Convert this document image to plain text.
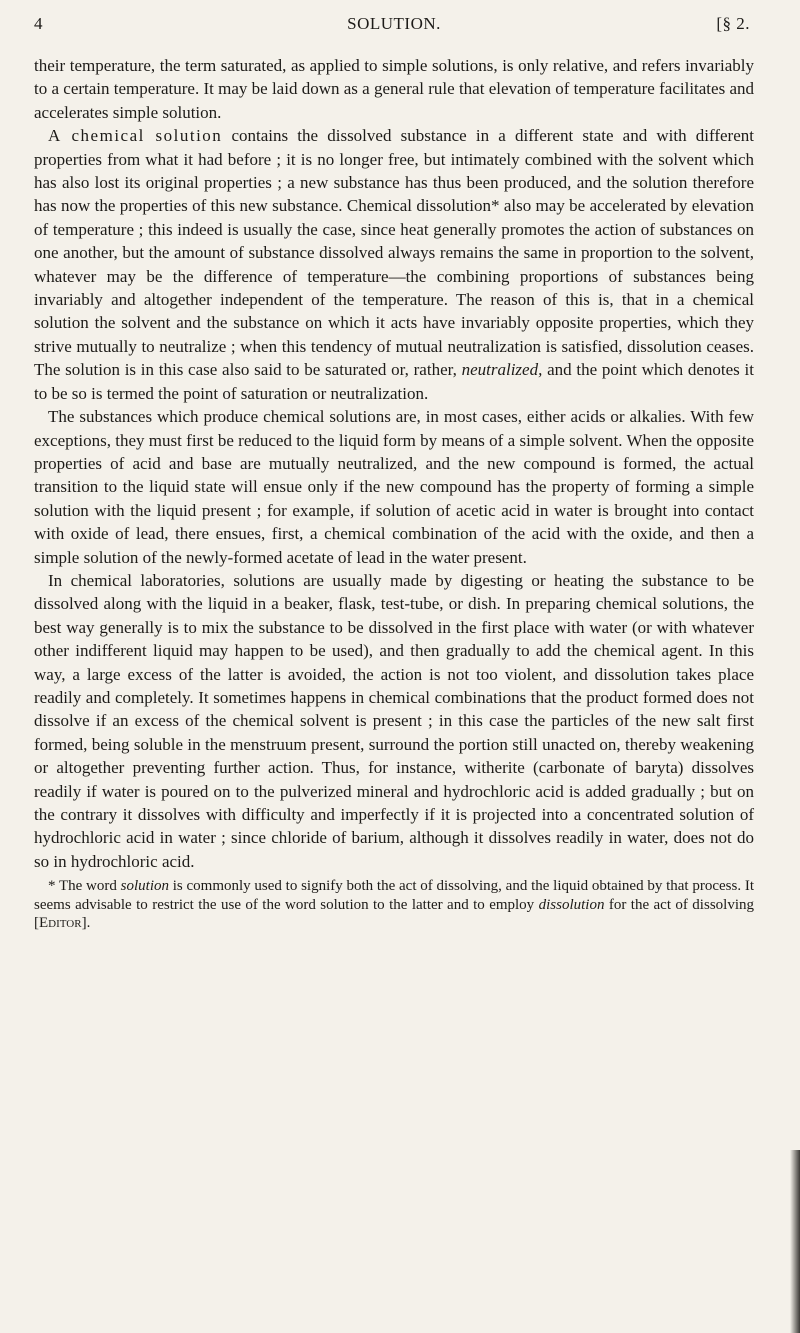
4	SOLUTION.	[§ 2.

their temperature, the term saturated, as applied to simple solutions, is only relative, and refers invariably to a certain temperature. It may be laid down as a general rule that elevation of temperature facilitates and accelerates simple solution.

A chemical solution contains the dissolved substance in a different state and with different properties from what it had before ; it is no longer free, but intimately combined with the solvent which has also lost its original properties ; a new substance has thus been produced, and the solution therefore has now the properties of this new substance. Chemical dissolution* also may be accelerated by elevation of temperature ; this indeed is usually the case, since heat generally promotes the action of substances on one another, but the amount of substance dissolved always remains the same in proportion to the solvent, whatever may be the difference of temperature—the combining proportions of substances being invariably and altogether independent of the temperature. The reason of this is, that in a chemical solution the solvent and the substance on which it acts have invariably opposite properties, which they strive mutually to neutralize ; when this tendency of mutual neutralization is satisfied, dissolution ceases. The solution is in this case also said to be saturated or, rather, neutralized, and the point which denotes it to be so is termed the point of saturation or neutralization.

The substances which produce chemical solutions are, in most cases, either acids or alkalies. With few exceptions, they must first be reduced to the liquid form by means of a simple solvent. When the opposite properties of acid and base are mutually neutralized, and the new compound is formed, the actual transition to the liquid state will ensue only if the new compound has the property of forming a simple solution with the liquid present ; for example, if solution of acetic acid in water is brought into contact with oxide of lead, there ensues, first, a chemical combination of the acid with the oxide, and then a simple solution of the newly-formed acetate of lead in the water present.

In chemical laboratories, solutions are usually made by digesting or heating the substance to be dissolved along with the liquid in a beaker, flask, test-tube, or dish. In preparing chemical solutions, the best way generally is to mix the substance to be dissolved in the first place with water (or with whatever other indifferent liquid may happen to be used), and then gradually to add the chemical agent. In this way, a large excess of the latter is avoided, the action is not too violent, and dissolution takes place readily and completely. It sometimes happens in chemical combinations that the product formed does not dissolve if an excess of the chemical solvent is present ; in this case the particles of the new salt first formed, being soluble in the menstruum present, surround the portion still unacted on, thereby weakening or altogether preventing further action. Thus, for instance, witherite (carbonate of baryta) dissolves readily if water is poured on to the pulverized mineral and hydrochloric acid is added gradually ; but on the contrary it dissolves with difficulty and imperfectly if it is projected into a concentrated solution of hydrochloric acid in water ; since chloride of barium, although it dissolves readily in water, does not do so in hydrochloric acid.

* The word solution is commonly used to signify both the act of dissolving, and the liquid obtained by that process. It seems advisable to restrict the use of the word solution to the latter and to employ dissolution for the act of dissolving [Editor].
